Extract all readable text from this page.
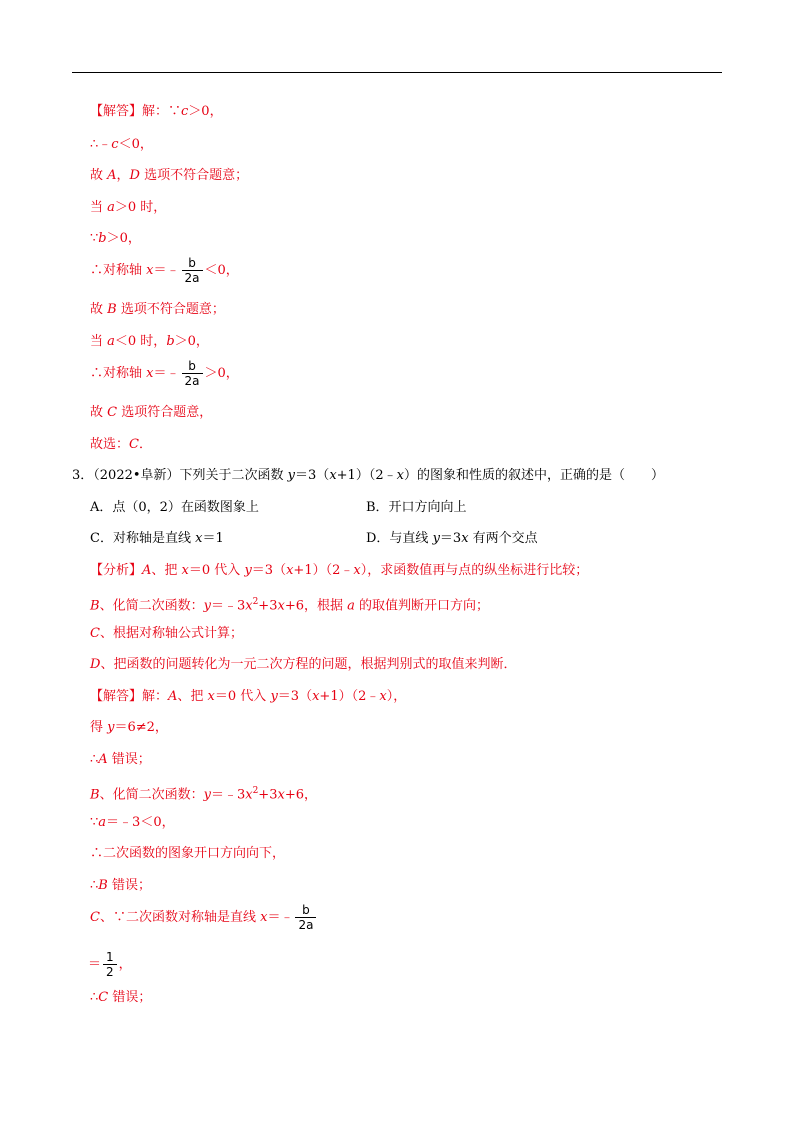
【解答】解：∵c＞0，
∴﹣c＜0，
故 A，D 选项不符合题意；
当 a＞0 时，
∵b＞0，
∴对称轴 x＝﹣ $\frac{b}{2a} <0$，
故 B 选项不符合题意；
当 a＜0 时，b＞0，
∴对称轴 x＝﹣ $\frac{b}{2a} >0$，
故 C 选项符合题意，
故选：C．
3．（2022•阜新）下列关于二次函数 y＝3（x+1）（2﹣x）的图象和性质的叙述中，正确的是（　　）
A．点（0，2）在函数图象上	B．开口方向向上
C．对称轴是直线 x＝1	D．与直线 y＝3x 有两个交点
【分析】A、把 x＝0 代入 y＝3（x+1）（2﹣x），求函数值再与点的纵坐标进行比较；
B、化简二次函数：$y=﹣3x^2+3x+6$，根据 a 的取值判断开口方向；
C、根据对称轴公式计算；
D、把函数的问题转化为一元二次方程的问题，根据判别式的取值来判断．
【解答】解：A、把 x＝0 代入 y＝3（x+1）（2﹣x），
得 y＝6≠2，
∴A 错误；
B、化简二次函数：$y=﹣3x^2+3x+6$，
∵a＝﹣3＜0，
∴二次函数的图象开口方向向下，
∴B 错误；
C、∵二次函数对称轴是直线 x＝﹣ $\frac{b}{2a}$
＝ $\frac{1}{2}$ ，
∴C 错误；
